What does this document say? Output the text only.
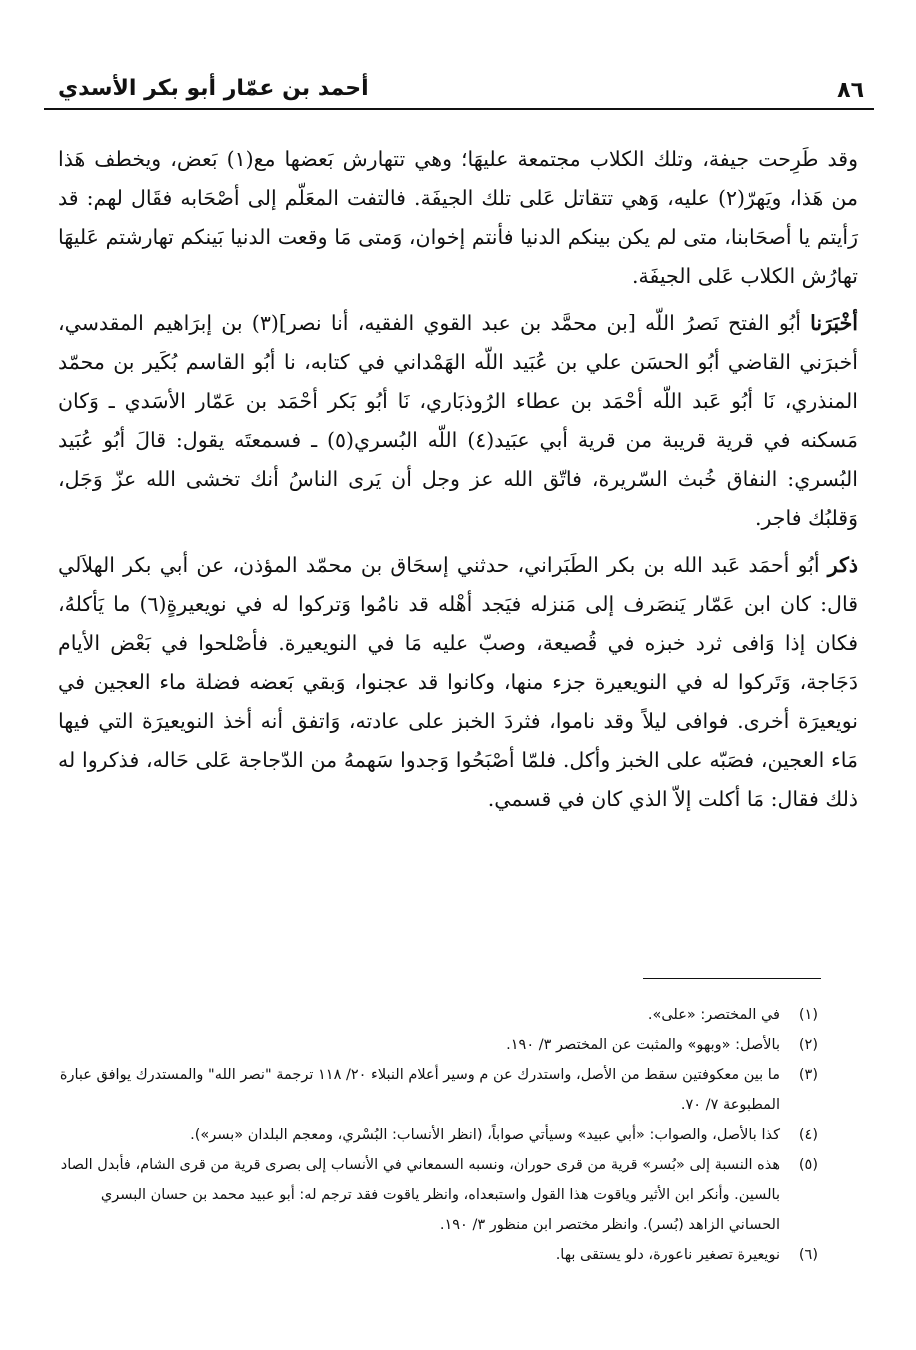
٨٦
أحمد بن عمّار أبو بكر الأسدي

وقد طَرِحت جيفة، وتلك الكلاب مجتمعة عليهَا؛ وهي تتهارش بَعضها مع(١) بَعض، ويخطف هَذا من هَذا، ويَهرّ(٢) عليه، وَهي تتقاتل عَلى تلك الجيفَة. فالتفت المعَلّم إلى أصْحَابه فقَال لهم: قد رَأيتم يا أصحَابنا، متى لم يكن بينكم الدنيا فأنتم إخوان، وَمتى مَا وقعت الدنيا بَينكم تهارشتم عَليهَا تهارُش الكلاب عَلى الجيفَة.

أخْبَرَنا أبُو الفتح نَصرُ اللّه [بن محمَّد بن عبد القوي الفقيه، أنا نصر](٣) بن إبرَاهيم المقدسي، أخبرَني القاضي أبُو الحسَن علي بن عُبَيد اللّه الهَمْداني في كتابه، نا أبُو القاسم بُكَير بن محمّد المنذري، نَا أبُو عَبد اللّه أحْمَد بن عطاء الرُوذبَاري، نَا أبُو بَكر أحْمَد بن عَمّار الأسَدي ـ وَكان مَسكنه في قرية قريبة من قرية أبي عبَيد(٤) اللّه البُسري(٥) ـ فسمعتَه يقول: قالَ أبُو عُبَيد البُسري: النفاق خُبث السّريرة، فاتّق الله عز وجل أن يَرى الناسُ أنك تخشى الله عزّ وَجَل، وَقلبُك فاجر.

ذكر أبُو أحمَد عَبد الله بن بكر الطَبَراني، حدثني إسحَاق بن محمّد المؤذن، عن أبي بكر الهلاَلي قال: كان ابن عَمّار يَنصَرف إلى مَنزله فيَجد أهْله قد نامُوا وَتركوا له في نويعيرةٍ(٦) ما يَأكلهُ، فكان إذا وَافى ثرد خبزه في قُصيعة، وصبّ عليه مَا في النويعيرة. فأصْلحوا في بَعْض الأيام دَجَاجة، وَتَركوا له في النويعيرة جزء منها، وكانوا قد عجنوا، وَبقي بَعضه فضلة ماء العجين في نويعيرَة أخرى. فوافى ليلاً وقد ناموا، فثردَ الخبز على عادته، وَاتفق أنه أخذ النويعيرَة التي فيها مَاء العجين، فصَبّه على الخبز وأكل. فلمّا أصْبَحُوا وَجدوا سَهمهُ من الدّجاجة عَلى حَاله، فذكروا له ذلك فقال: مَا أكلت إلاّ الذي كان في قسمي.

(١)
في المختصر: «على».

(٢)
بالأصل: «وبهو» والمثبت عن المختصر ٣/ ١٩٠.

(٣)
ما بين معكوفتين سقط من الأصل، واستدرك عن م وسير أعلام النبلاء ٢٠/ ١١٨ ترجمة "نصر الله" والمستدرك يوافق عبارة المطبوعة ٧/ ٧٠.

(٤)
كذا بالأصل، والصواب: «أبي عبيد» وسيأتي صواباً، (انظر الأنساب: البُسْري، ومعجم البلدان «بسر»).

(٥)
هذه النسبة إلى «بُسر» قرية من قرى حوران، ونسبه السمعاني في الأنساب إلى بصرى قرية من قرى الشام، فأبدل الصاد بالسين. وأنكر ابن الأثير وياقوت هذا القول واستبعداه، وانظر ياقوت فقد ترجم له: أبو عبيد محمد بن حسان البسري الحساني الزاهد (بُسر). وانظر مختصر ابن منظور ٣/ ١٩٠.

(٦)
نويعيرة تصغير ناعورة، دلو يستقى بها.
